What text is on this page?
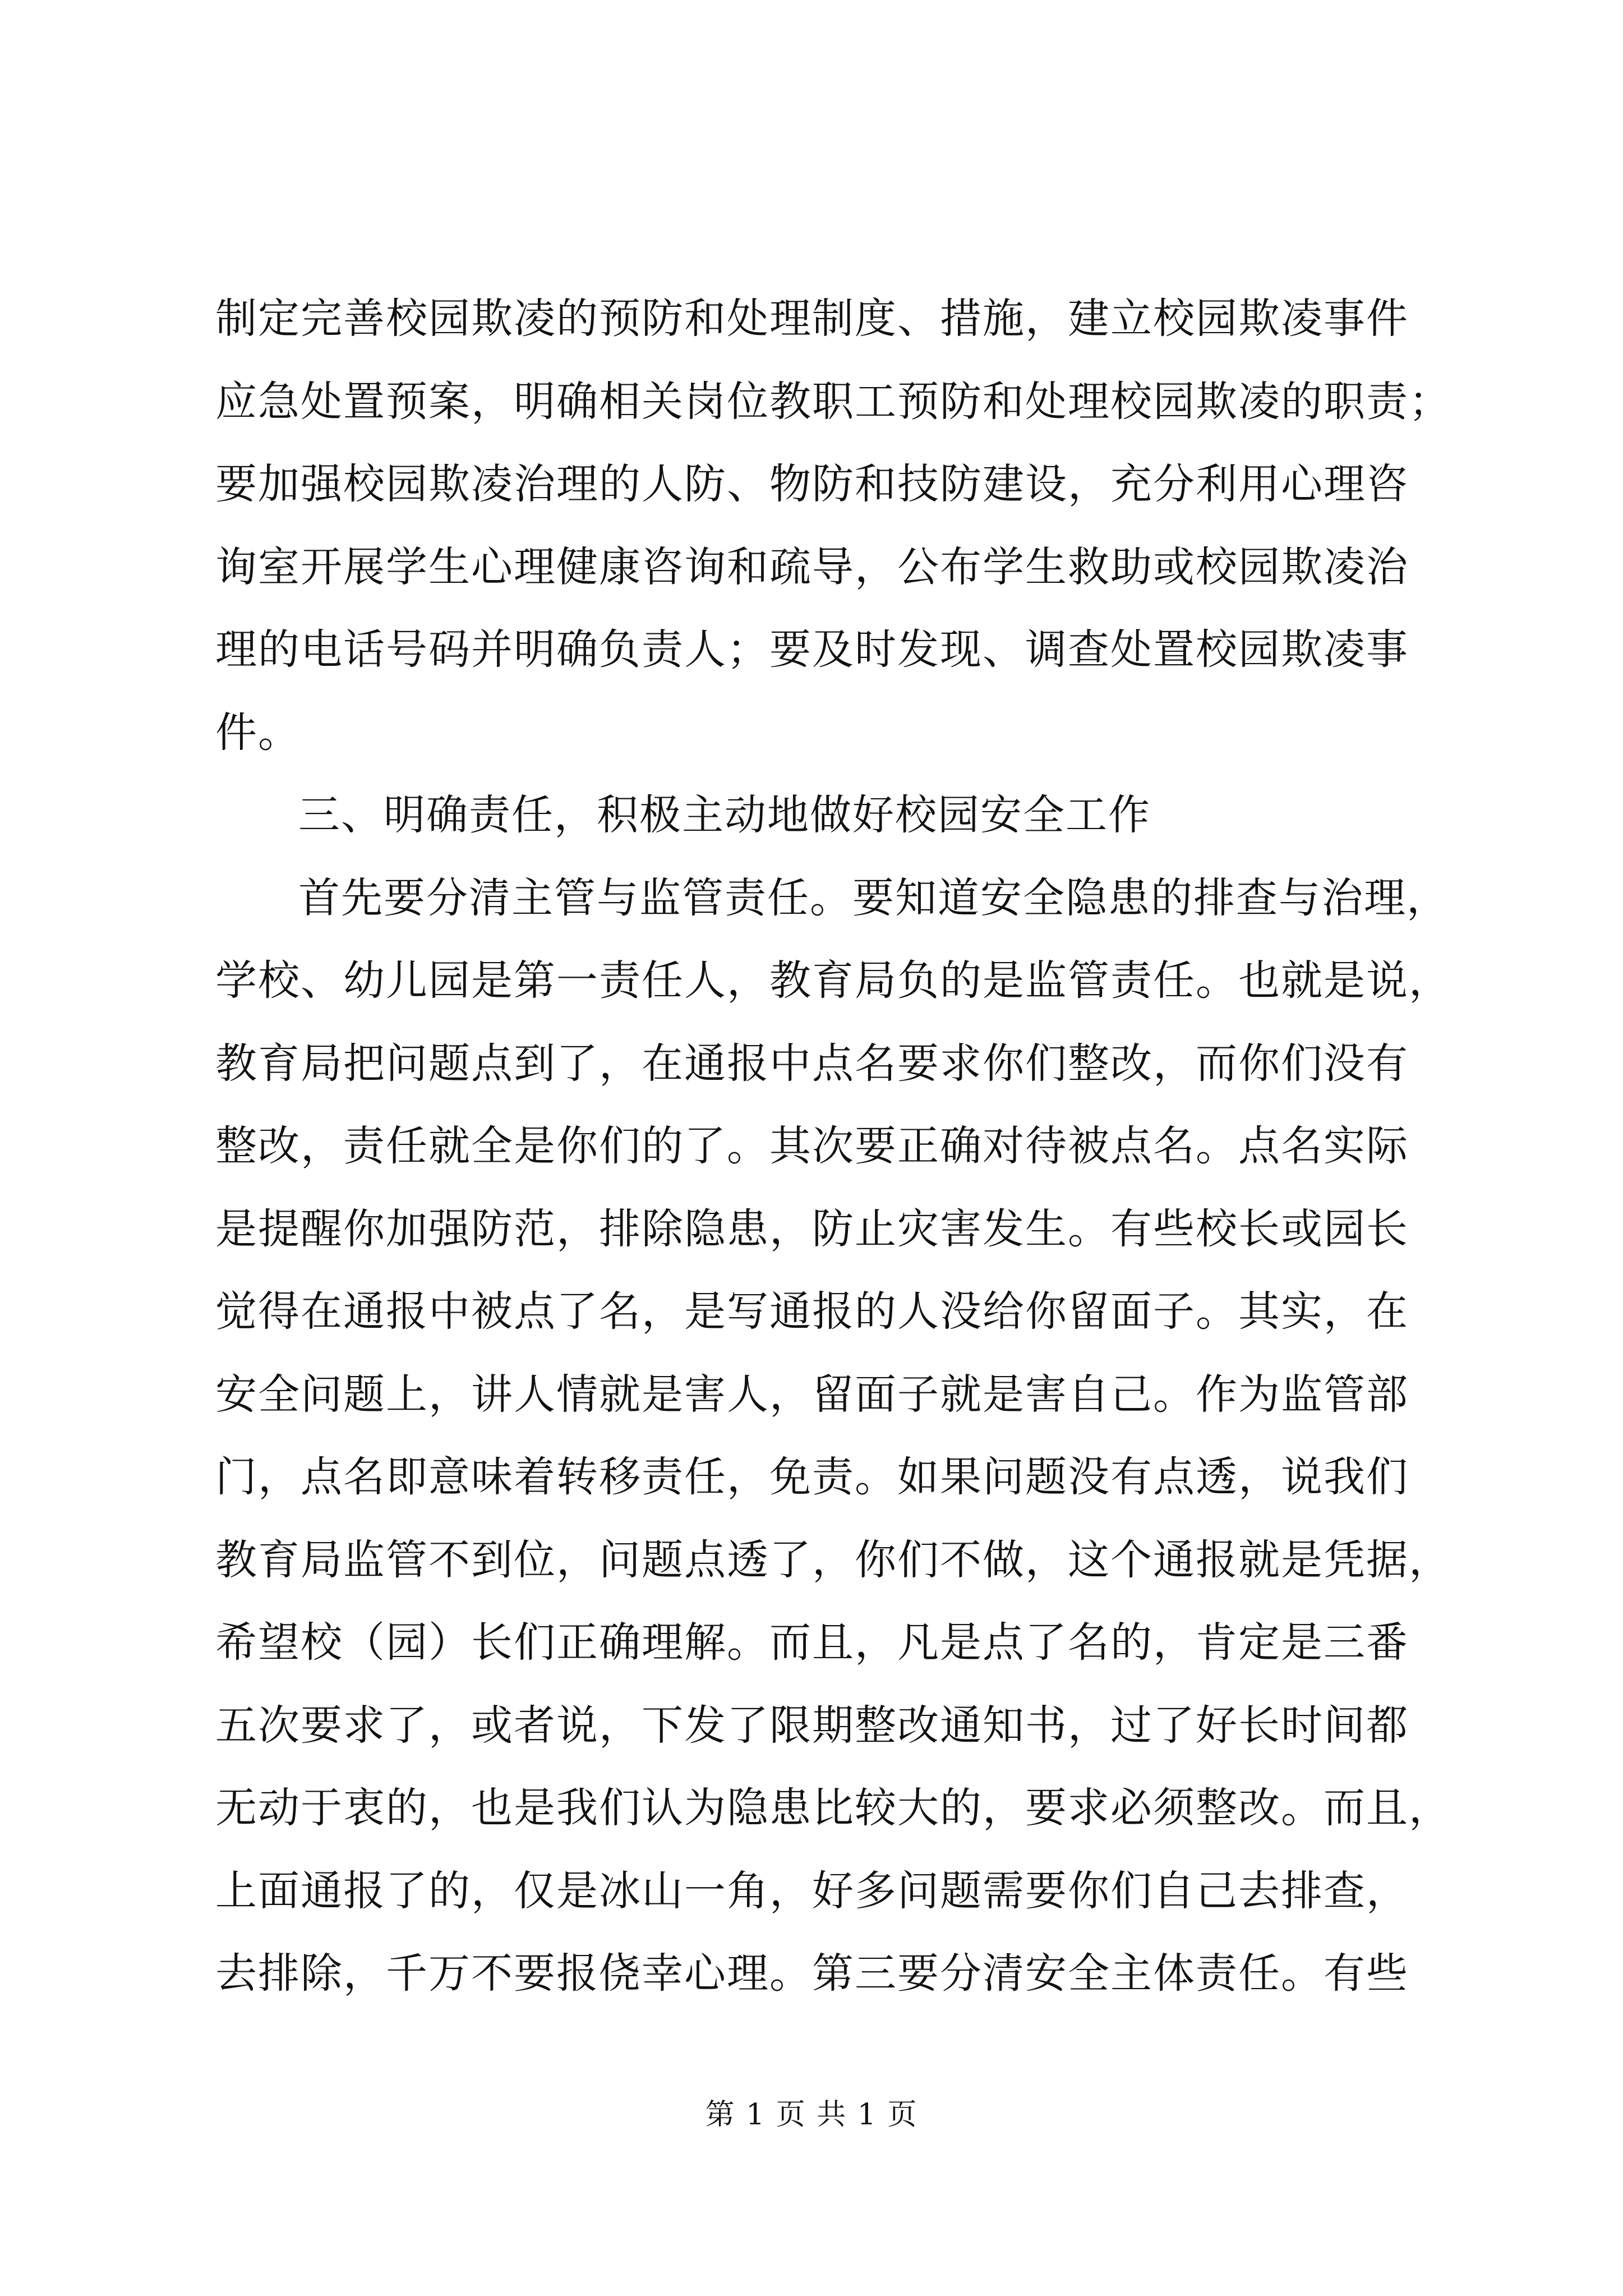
制定完善校园欺凌的预防和处理制度、措施，建立校园欺凌事件
应急处置预案，明确相关岗位教职工预防和处理校园欺凌的职责；
要加强校园欺凌治理的人防、物防和技防建设，充分利用心理咨
询室开展学生心理健康咨询和疏导，公布学生救助或校园欺凌治
理的电话号码并明确负责人；要及时发现、调查处置校园欺凌事
件。
三、明确责任，积极主动地做好校园安全工作
首先要分清主管与监管责任。要知道安全隐患的排查与治理，
学校、幼儿园是第一责任人，教育局负的是监管责任。也就是说，
教育局把问题点到了，在通报中点名要求你们整改，而你们没有
整改，责任就全是你们的了。其次要正确对待被点名。点名实际
是提醒你加强防范，排除隐患，防止灾害发生。有些校长或园长
觉得在通报中被点了名，是写通报的人没给你留面子。其实，在
安全问题上，讲人情就是害人，留面子就是害自己。作为监管部
门，点名即意味着转移责任，免责。如果问题没有点透，说我们
教育局监管不到位，问题点透了，你们不做，这个通报就是凭据，
希望校（园）长们正确理解。而且，凡是点了名的，肯定是三番
五次要求了，或者说，下发了限期整改通知书，过了好长时间都
无动于衷的，也是我们认为隐患比较大的，要求必须整改。而且，
上面通报了的，仅是冰山一角，好多问题需要你们自己去排查，
去排除，千万不要报侥幸心理。第三要分清安全主体责任。有些
第 1 页 共 1 页
